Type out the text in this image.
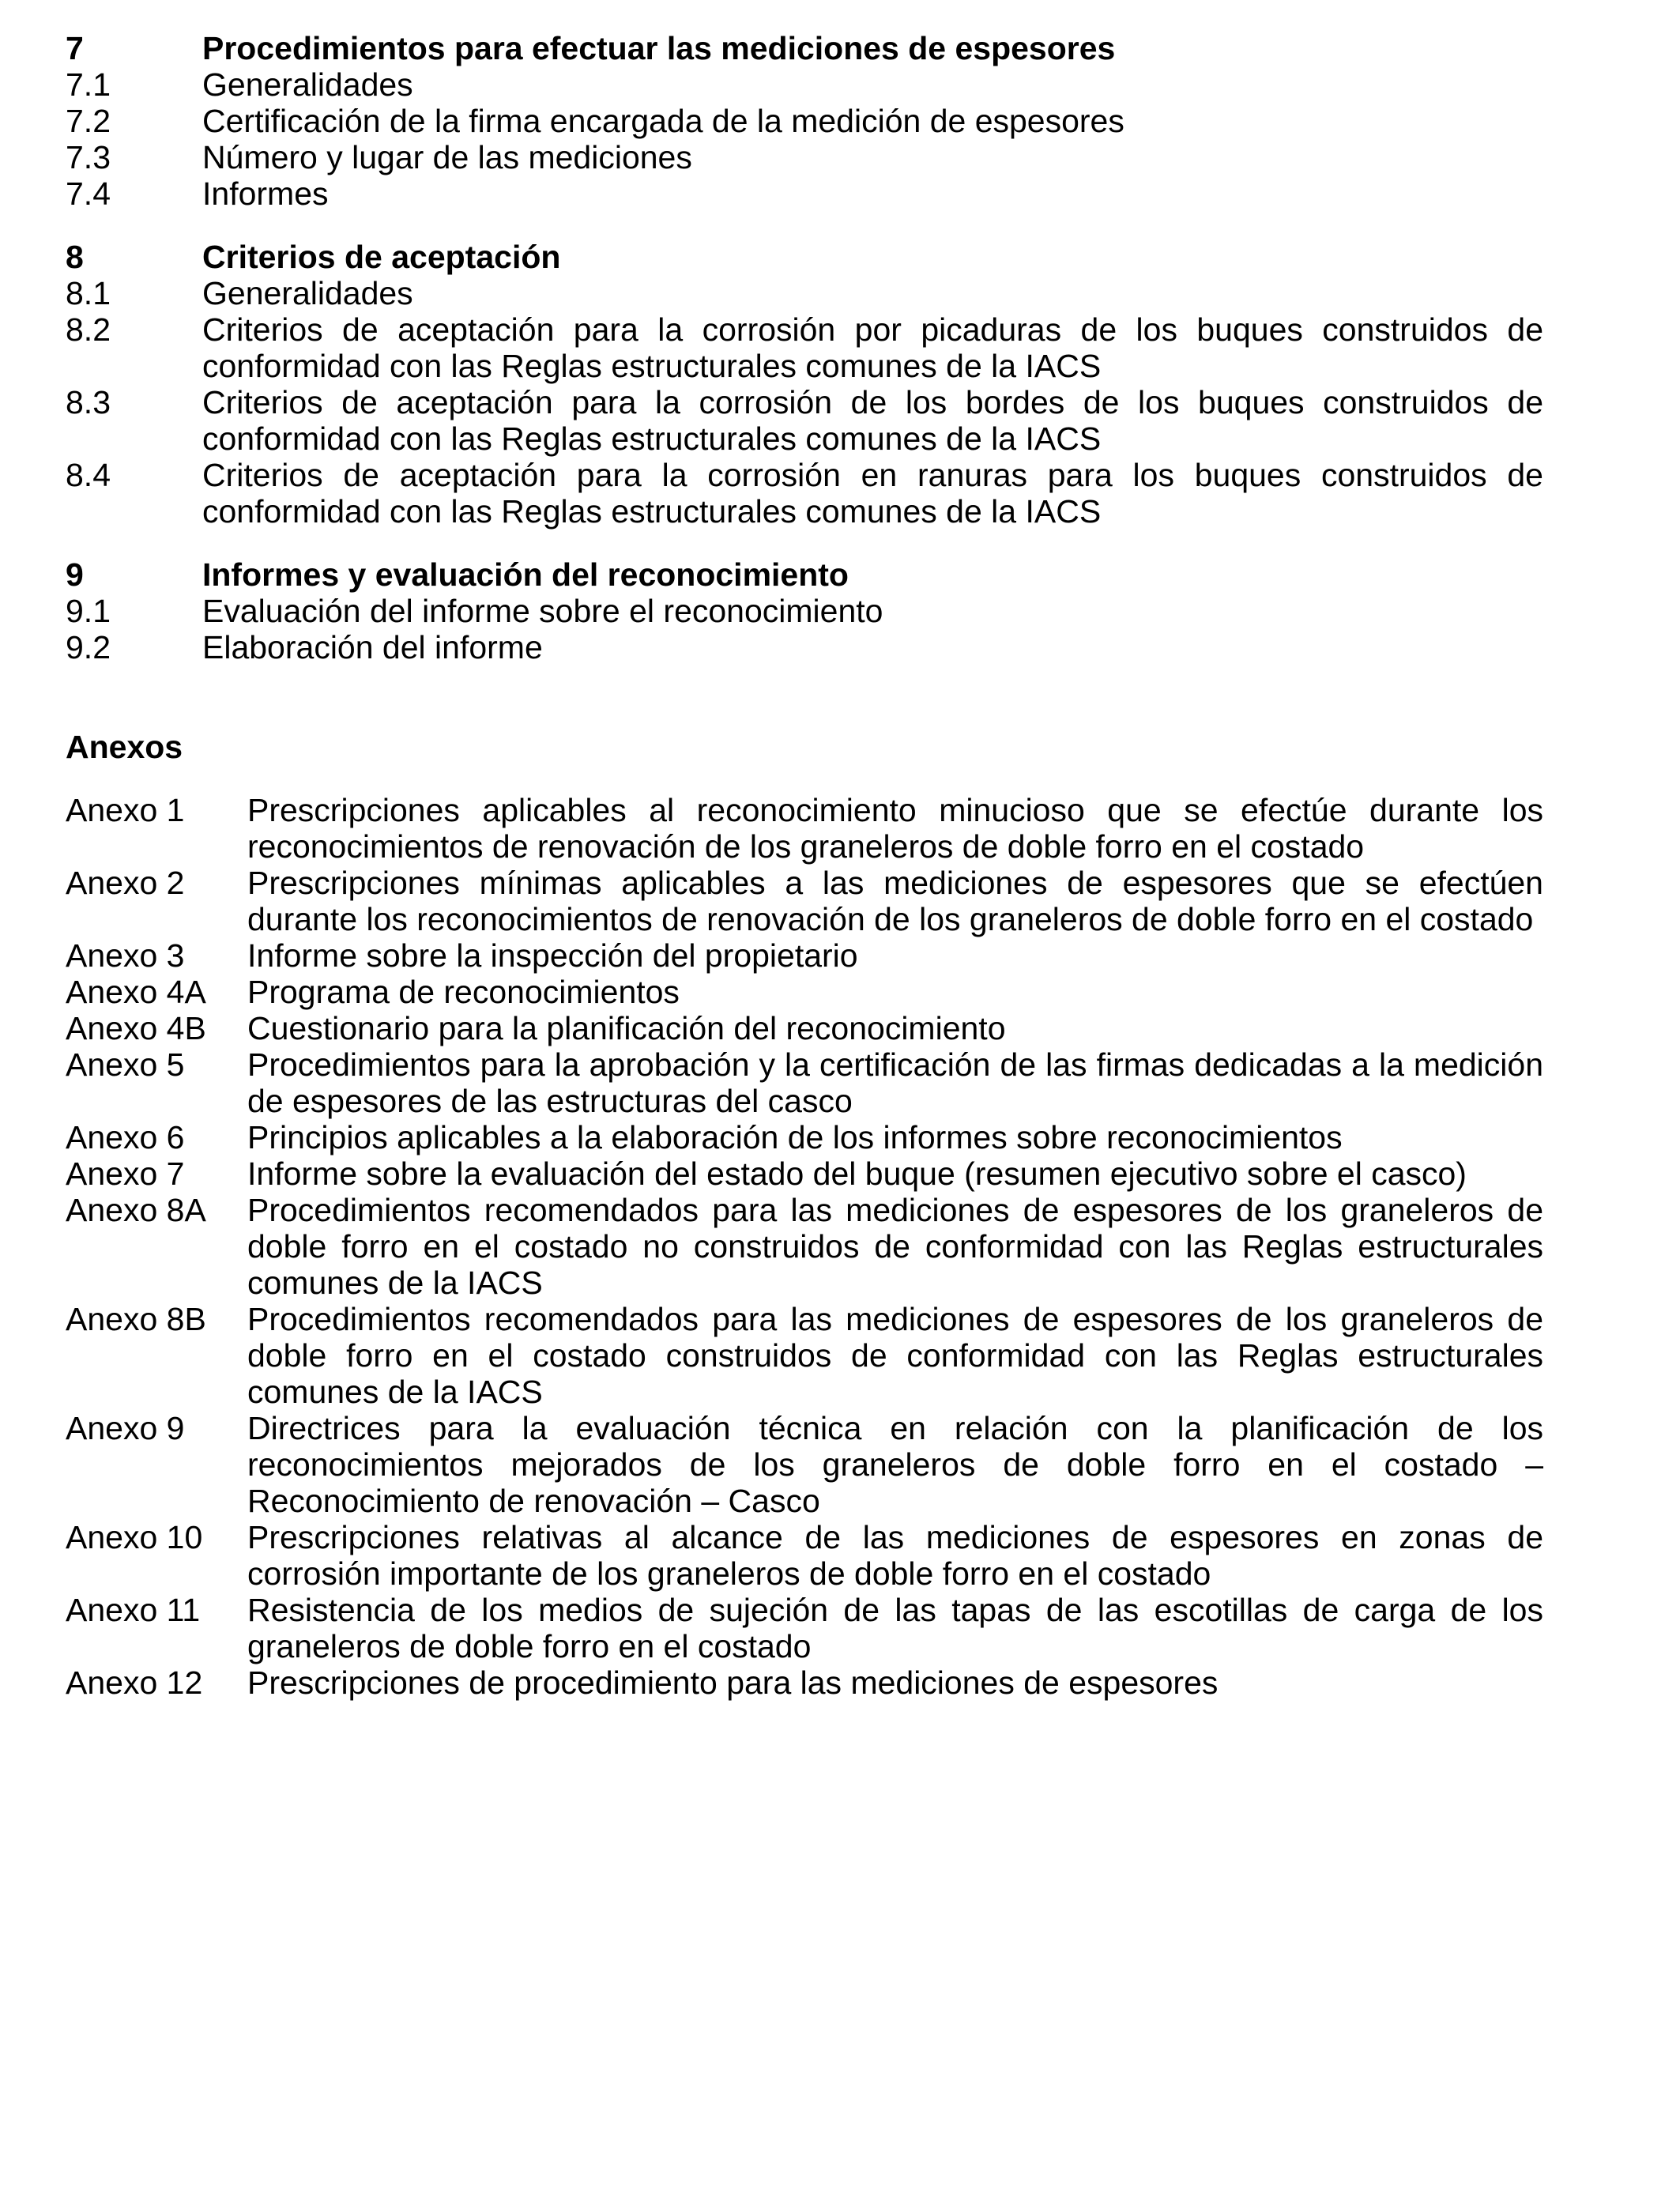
7	Procedimientos para efectuar las mediciones de espesores
7.1	Generalidades
7.2	Certificación de la firma encargada de la medición de espesores
7.3	Número y lugar de las mediciones
7.4	Informes
8	Criterios de aceptación
8.1	Generalidades
8.2	Criterios de aceptación para la corrosión por picaduras de los buques construidos de conformidad con las Reglas estructurales comunes de la IACS
8.3	Criterios de aceptación para la corrosión de los bordes de los buques construidos de conformidad con las Reglas estructurales comunes de la IACS
8.4	Criterios de aceptación para la corrosión en ranuras para los buques construidos de conformidad con las Reglas estructurales comunes de la IACS
9	Informes y evaluación del reconocimiento
9.1	Evaluación del informe sobre el reconocimiento
9.2	Elaboración del informe
Anexos
Anexo 1	Prescripciones aplicables al reconocimiento minucioso que se efectúe durante los reconocimientos de renovación de los graneleros de doble forro en el costado
Anexo 2	Prescripciones mínimas aplicables a las mediciones de espesores que se efectúen durante los reconocimientos de renovación de los graneleros de doble forro en el costado
Anexo 3	Informe sobre la inspección del propietario
Anexo 4A	Programa de reconocimientos
Anexo 4B	Cuestionario para la planificación del reconocimiento
Anexo 5	Procedimientos para la aprobación y la certificación de las firmas dedicadas a la medición de espesores de las estructuras del casco
Anexo 6	Principios aplicables a la elaboración de los informes sobre reconocimientos
Anexo 7	Informe sobre la evaluación del estado del buque (resumen ejecutivo sobre el casco)
Anexo 8A	Procedimientos recomendados para las mediciones de espesores de los graneleros de doble forro en el costado no construidos de conformidad con las Reglas estructurales comunes de la IACS
Anexo 8B	Procedimientos recomendados para las mediciones de espesores de los graneleros de doble forro en el costado construidos de conformidad con las Reglas estructurales comunes de la IACS
Anexo 9	Directrices para la evaluación técnica en relación con la planificación de los reconocimientos mejorados de los graneleros de doble forro en el costado – Reconocimiento de renovación – Casco
Anexo 10	Prescripciones relativas al alcance de las mediciones de espesores en zonas de corrosión importante de los graneleros de doble forro en el costado
Anexo 11	Resistencia de los medios de sujeción de las tapas de las escotillas de carga de los graneleros de doble forro en el costado
Anexo 12	Prescripciones de procedimiento para las mediciones de espesores
